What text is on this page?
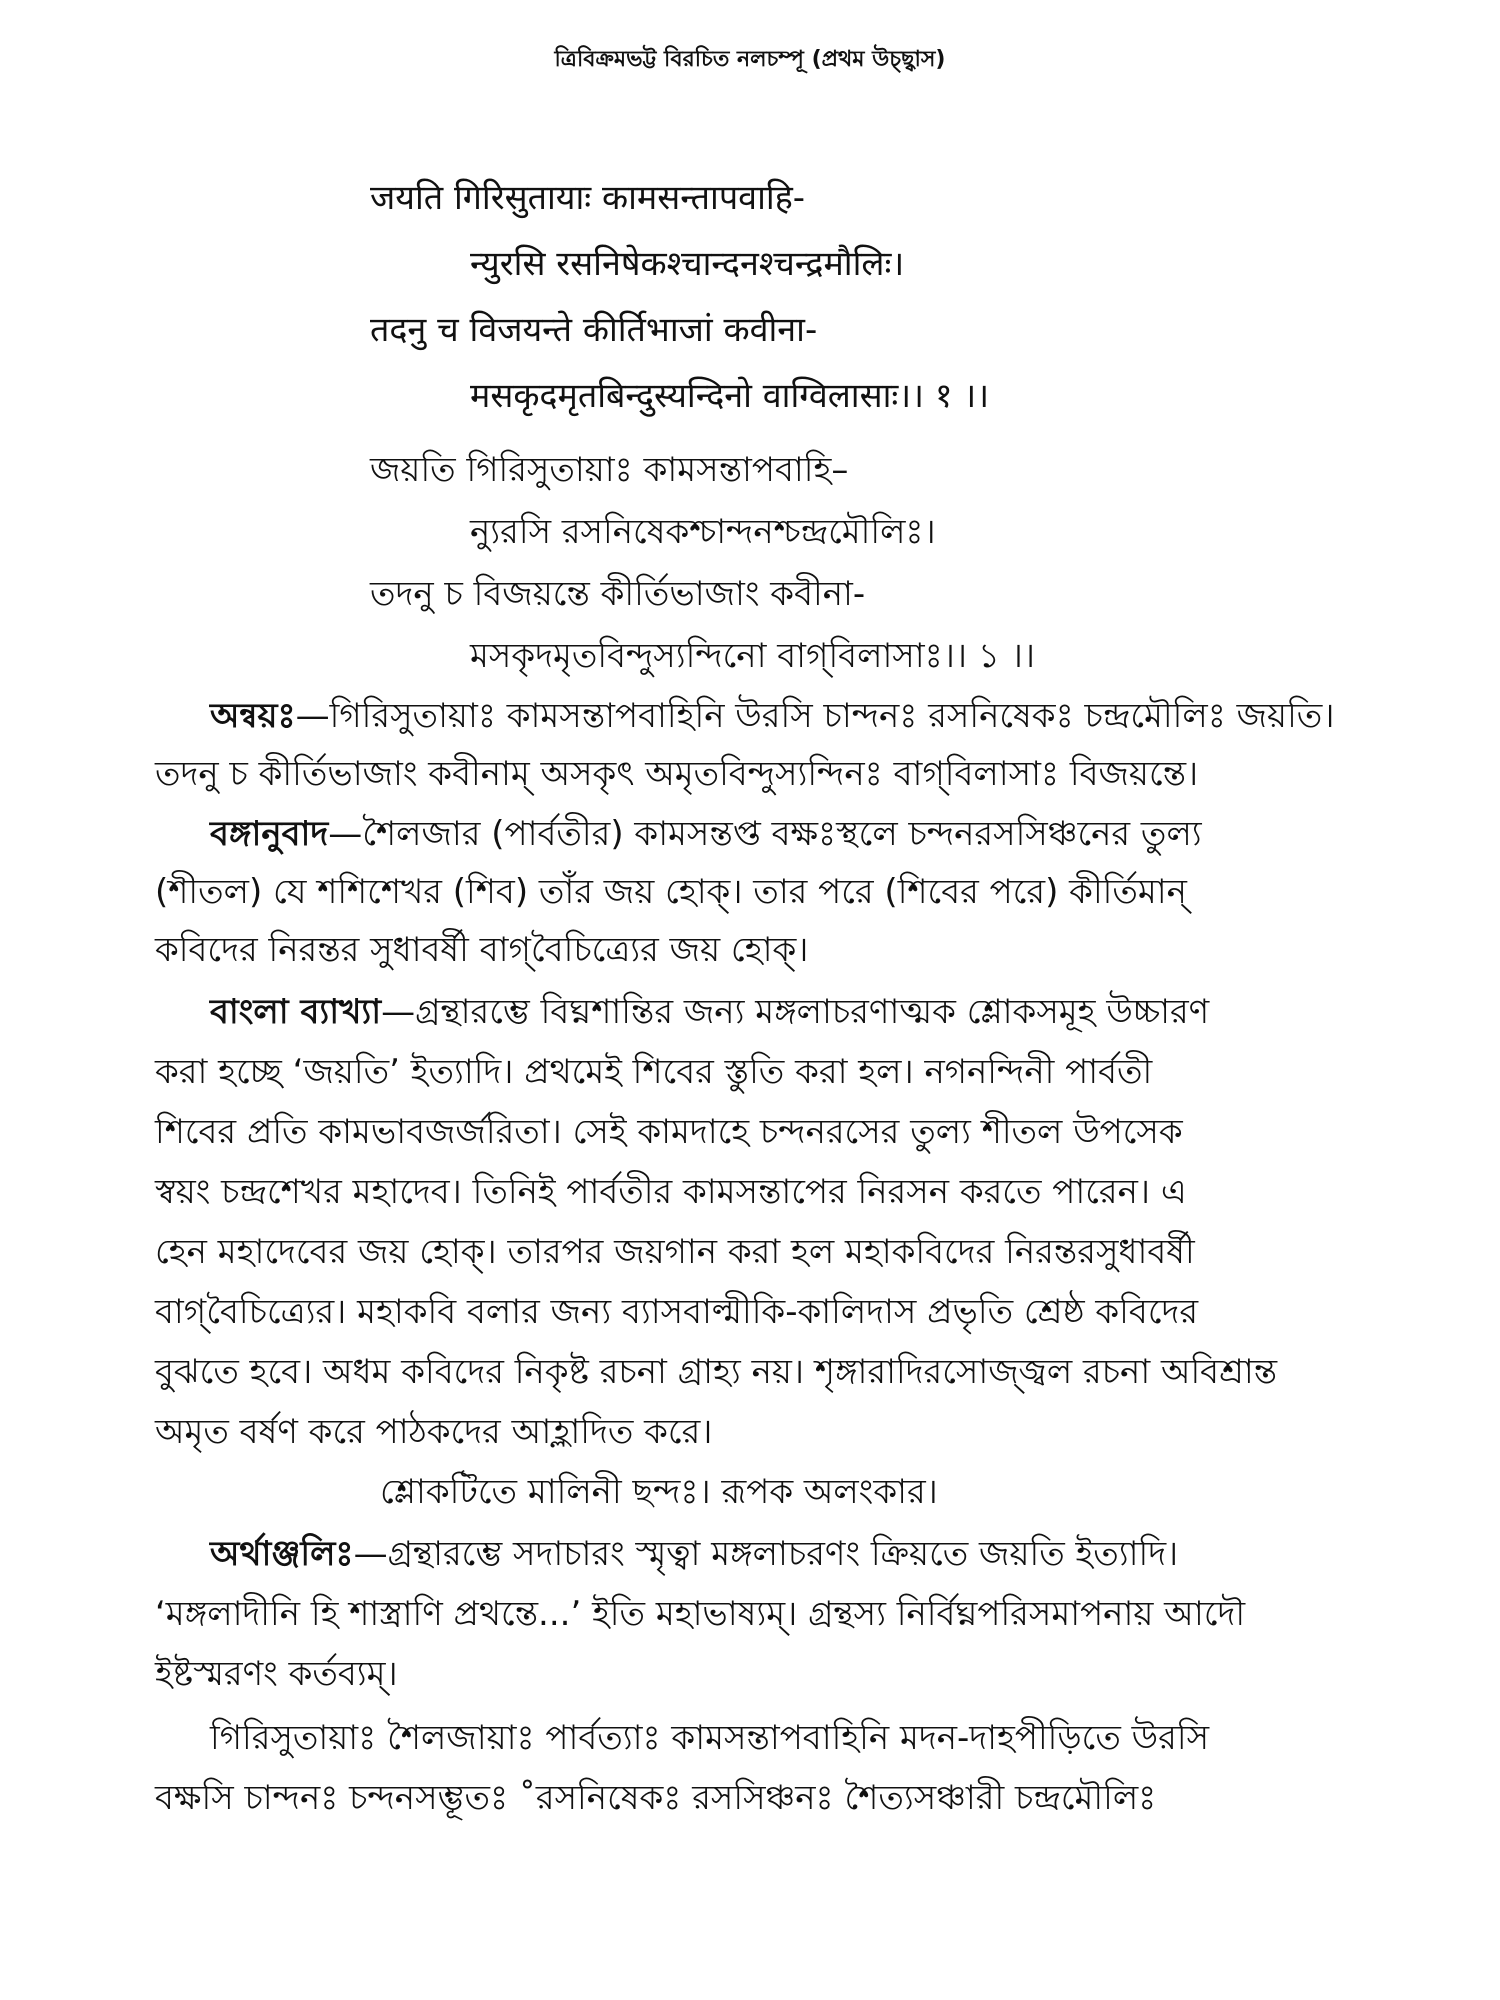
ত্রিবিক্রমভট্ট বিরচিত নলচম্পূ (প্রথম উচ্ছ্বাস)
जयति गिरिसुतायाः कामसन्तापवाहि-
न्युरसि रसनिषेकश्चान्दनश्चन्द्रमौलिः।
तदनु च विजयन्ते कीर्तिभाजां कवीना-
मसकृदमृतबिन्दुस्यन्दिनो वाग्विलासाः।। १ ।।
জয়তি গিরিসুতায়াঃ কামসন্তাপবাহি–
ন্যুরসি রসনিষেকশ্চান্দনশ্চন্দ্রমৌলিঃ।
তদনু চ বিজয়ন্তে কীর্তিভাজাং কবীনা-
মসকৃদমৃতবিন্দুস্যন্দিনো বাগ্‌বিলাসাঃ।। ১ ।।
অন্বয়ঃ—গিরিসুতায়াঃ কামসন্তাপবাহিনি উরসি চান্দনঃ রসনিষেকঃ চন্দ্রমৌলিঃ জয়তি।
তদনু চ কীর্তিভাজাং কবীনাম্ অসকৃৎ অমৃতবিন্দুস্যন্দিনঃ বাগ্‌বিলাসাঃ বিজয়ন্তে।
বঙ্গানুবাদ—শৈলজার (পার্বতীর) কামসন্তপ্ত বক্ষঃস্থলে চন্দনরসসিঞ্চনের তুল্য
(শীতল) যে শশিশেখর (শিব) তাঁর জয় হোক্। তার পরে (শিবের পরে) কীর্তিমান্
কবিদের নিরন্তর সুধাবর্ষী বাগ্‌বৈচিত্র্যের জয় হোক্।
বাংলা ব্যাখ্যা—গ্রন্থারম্ভে বিঘ্নশান্তির জন্য মঙ্গলাচরণাত্মক শ্লোকসমূহ উচ্চারণ
করা হচ্ছে ‘জয়তি’ ইত্যাদি। প্রথমেই শিবের স্তুতি করা হল। নগনন্দিনী পার্বতী
শিবের প্রতি কামভাবজর্জরিতা। সেই কামদাহে চন্দনরসের তুল্য শীতল উপসেক
স্বয়ং চন্দ্রশেখর মহাদেব। তিনিই পার্বতীর কামসন্তাপের নিরসন করতে পারেন। এ
হেন মহাদেবের জয় হোক্। তারপর জয়গান করা হল মহাকবিদের নিরন্তরসুধাবর্ষী
বাগ্‌বৈচিত্র্যের। মহাকবি বলার জন্য ব্যাসবাল্মীকি-কালিদাস প্রভৃতি শ্রেষ্ঠ কবিদের
বুঝতে হবে। অধম কবিদের নিকৃষ্ট রচনা গ্রাহ্য নয়। শৃঙ্গারাদিরসোজ্জ্বল রচনা অবিশ্রান্ত
অমৃত বর্ষণ করে পাঠকদের আহ্লাদিত করে।
শ্লোকটিতে মালিনী ছন্দঃ। রূপক অলংকার।
অর্থাঞ্জলিঃ—গ্রন্থারম্ভে সদাচারং স্মৃত্বা মঙ্গলাচরণং ক্রিয়তে জয়তি ইত্যাদি।
‘মঙ্গলাদীনি হি শাস্ত্রাণি প্রথন্তে...’ ইতি মহাভাষ্যম্। গ্রন্থস্য নির্বিঘ্নপরিসমাপনায় আদৌ
ইষ্টস্মরণং কর্তব্যম্।
গিরিসুতায়াঃ শৈলজায়াঃ পার্বত্যাঃ কামসন্তাপবাহিনি মদন-দাহপীড়িতে উরসি
বক্ষসি চান্দনঃ চন্দনসম্ভূতঃ ˚রসনিষেকঃ রসসিঞ্চনঃ শৈত্যসঞ্চারী চন্দ্রমৌলিঃ
